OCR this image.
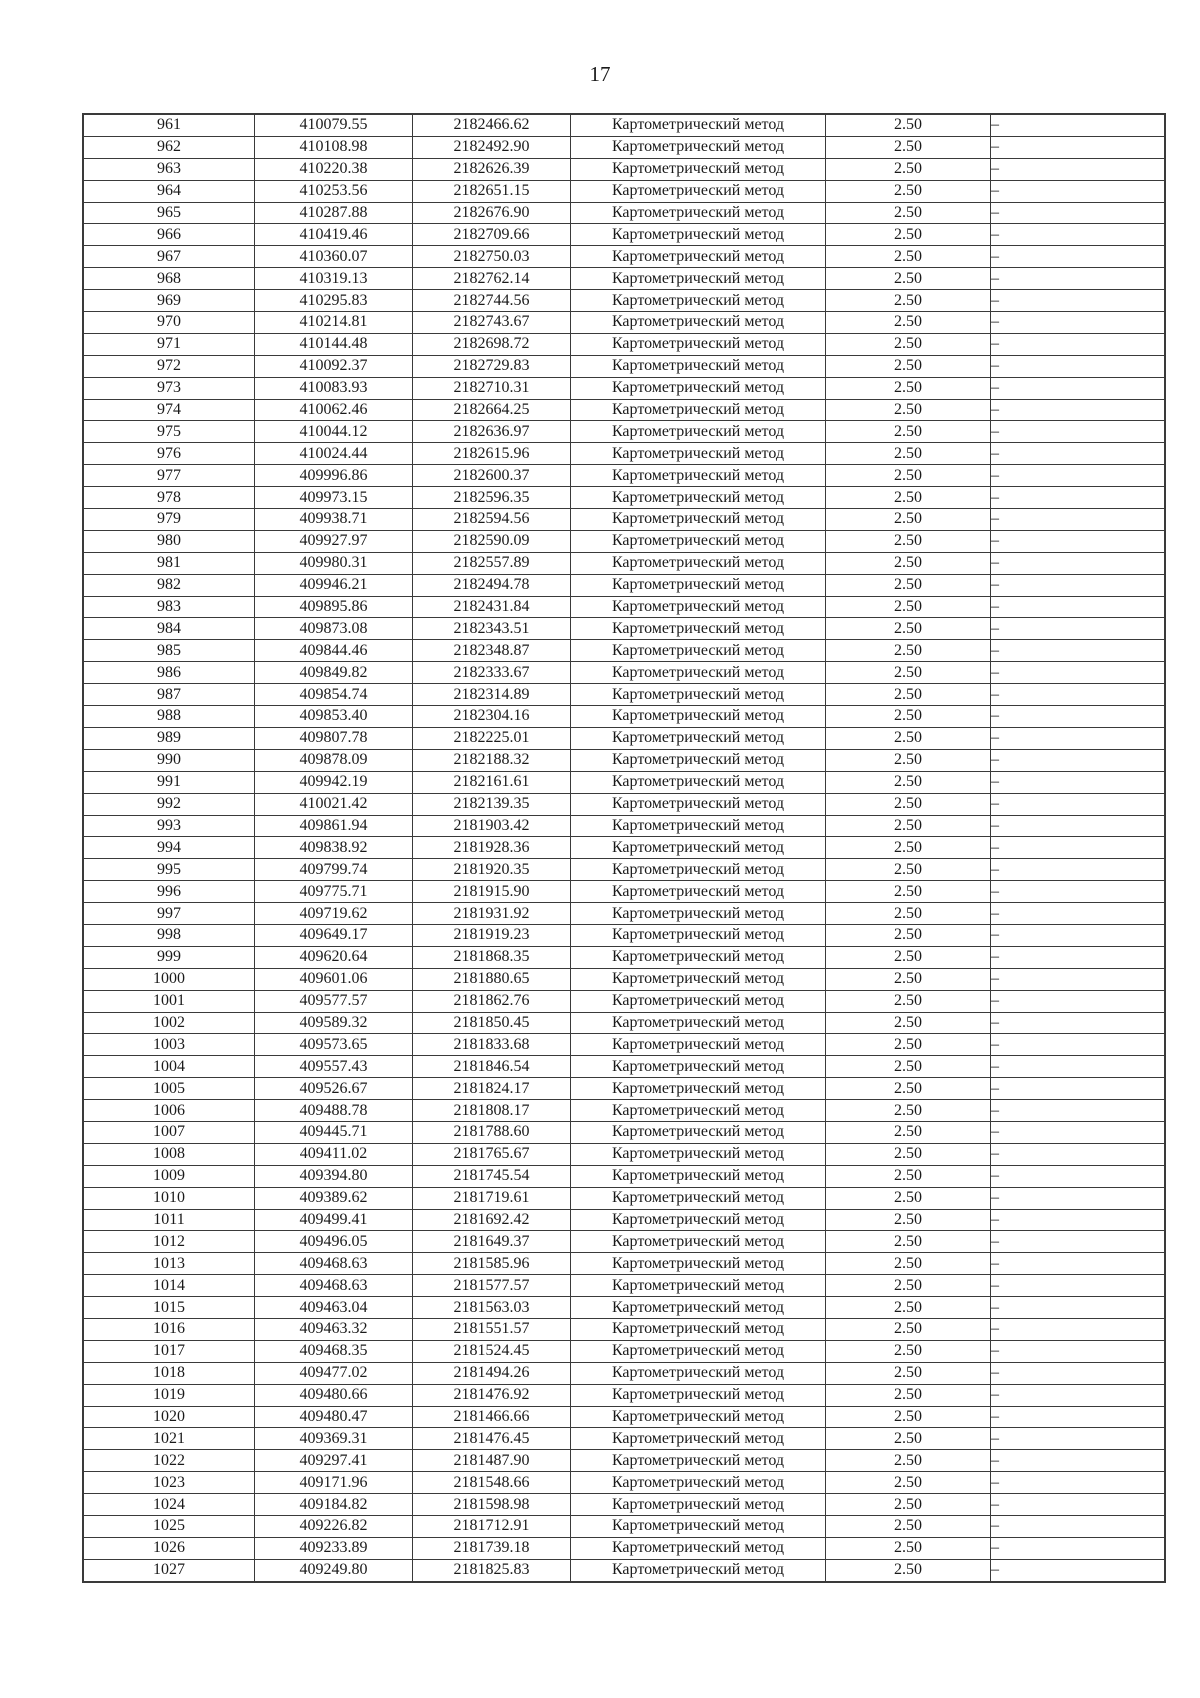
17
961	410079.55	2182466.62	Картометрический метод	2.50	–
962	410108.98	2182492.90	Картометрический метод	2.50	–
963	410220.38	2182626.39	Картометрический метод	2.50	–
964	410253.56	2182651.15	Картометрический метод	2.50	–
965	410287.88	2182676.90	Картометрический метод	2.50	–
966	410419.46	2182709.66	Картометрический метод	2.50	–
967	410360.07	2182750.03	Картометрический метод	2.50	–
968	410319.13	2182762.14	Картометрический метод	2.50	–
969	410295.83	2182744.56	Картометрический метод	2.50	–
970	410214.81	2182743.67	Картометрический метод	2.50	–
971	410144.48	2182698.72	Картометрический метод	2.50	–
972	410092.37	2182729.83	Картометрический метод	2.50	–
973	410083.93	2182710.31	Картометрический метод	2.50	–
974	410062.46	2182664.25	Картометрический метод	2.50	–
975	410044.12	2182636.97	Картометрический метод	2.50	–
976	410024.44	2182615.96	Картометрический метод	2.50	–
977	409996.86	2182600.37	Картометрический метод	2.50	–
978	409973.15	2182596.35	Картометрический метод	2.50	–
979	409938.71	2182594.56	Картометрический метод	2.50	–
980	409927.97	2182590.09	Картометрический метод	2.50	–
981	409980.31	2182557.89	Картометрический метод	2.50	–
982	409946.21	2182494.78	Картометрический метод	2.50	–
983	409895.86	2182431.84	Картометрический метод	2.50	–
984	409873.08	2182343.51	Картометрический метод	2.50	–
985	409844.46	2182348.87	Картометрический метод	2.50	–
986	409849.82	2182333.67	Картометрический метод	2.50	–
987	409854.74	2182314.89	Картометрический метод	2.50	–
988	409853.40	2182304.16	Картометрический метод	2.50	–
989	409807.78	2182225.01	Картометрический метод	2.50	–
990	409878.09	2182188.32	Картометрический метод	2.50	–
991	409942.19	2182161.61	Картометрический метод	2.50	–
992	410021.42	2182139.35	Картометрический метод	2.50	–
993	409861.94	2181903.42	Картометрический метод	2.50	–
994	409838.92	2181928.36	Картометрический метод	2.50	–
995	409799.74	2181920.35	Картометрический метод	2.50	–
996	409775.71	2181915.90	Картометрический метод	2.50	–
997	409719.62	2181931.92	Картометрический метод	2.50	–
998	409649.17	2181919.23	Картометрический метод	2.50	–
999	409620.64	2181868.35	Картометрический метод	2.50	–
1000	409601.06	2181880.65	Картометрический метод	2.50	–
1001	409577.57	2181862.76	Картометрический метод	2.50	–
1002	409589.32	2181850.45	Картометрический метод	2.50	–
1003	409573.65	2181833.68	Картометрический метод	2.50	–
1004	409557.43	2181846.54	Картометрический метод	2.50	–
1005	409526.67	2181824.17	Картометрический метод	2.50	–
1006	409488.78	2181808.17	Картометрический метод	2.50	–
1007	409445.71	2181788.60	Картометрический метод	2.50	–
1008	409411.02	2181765.67	Картометрический метод	2.50	–
1009	409394.80	2181745.54	Картометрический метод	2.50	–
1010	409389.62	2181719.61	Картометрический метод	2.50	–
1011	409499.41	2181692.42	Картометрический метод	2.50	–
1012	409496.05	2181649.37	Картометрический метод	2.50	–
1013	409468.63	2181585.96	Картометрический метод	2.50	–
1014	409468.63	2181577.57	Картометрический метод	2.50	–
1015	409463.04	2181563.03	Картометрический метод	2.50	–
1016	409463.32	2181551.57	Картометрический метод	2.50	–
1017	409468.35	2181524.45	Картометрический метод	2.50	–
1018	409477.02	2181494.26	Картометрический метод	2.50	–
1019	409480.66	2181476.92	Картометрический метод	2.50	–
1020	409480.47	2181466.66	Картометрический метод	2.50	–
1021	409369.31	2181476.45	Картометрический метод	2.50	–
1022	409297.41	2181487.90	Картометрический метод	2.50	–
1023	409171.96	2181548.66	Картометрический метод	2.50	–
1024	409184.82	2181598.98	Картометрический метод	2.50	–
1025	409226.82	2181712.91	Картометрический метод	2.50	–
1026	409233.89	2181739.18	Картометрический метод	2.50	–
1027	409249.80	2181825.83	Картометрический метод	2.50	–
